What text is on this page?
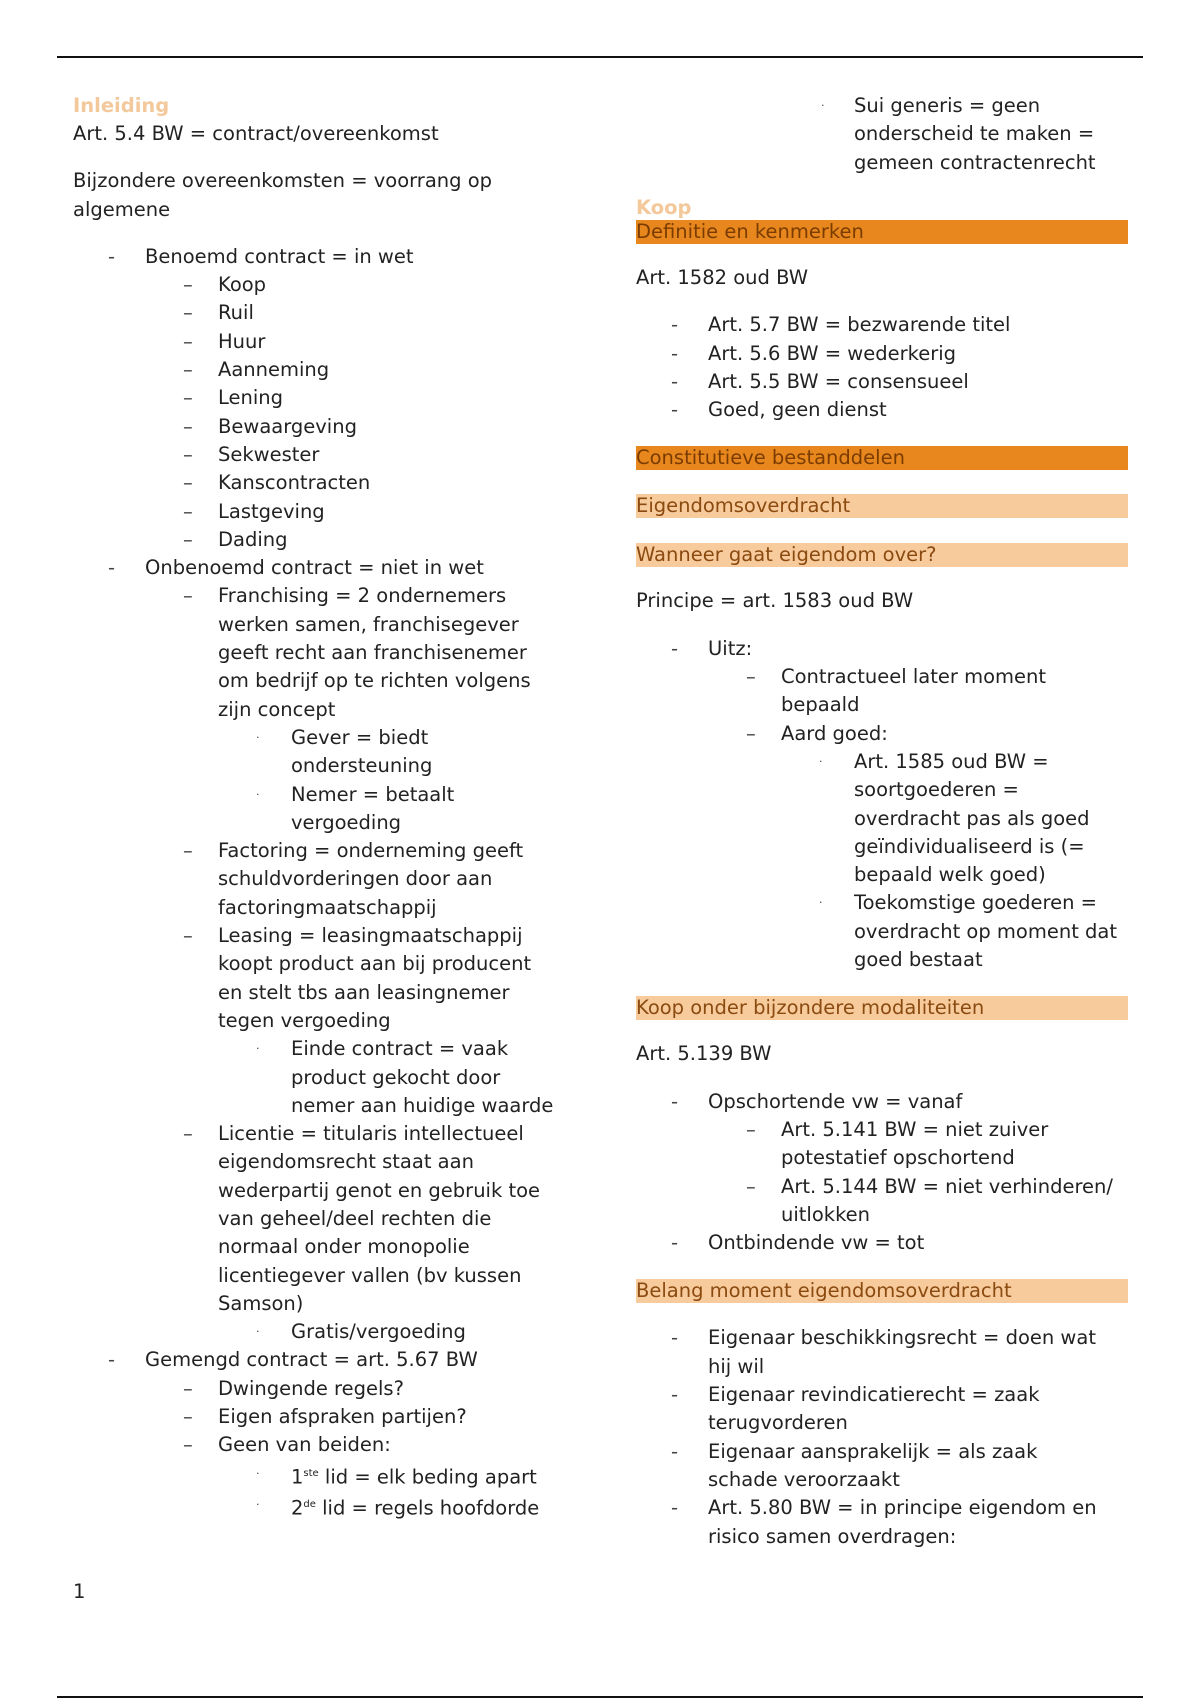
Inleiding

Art. 5.4 BW = contract/overeenkomst

Bijzondere overeenkomsten = voorrang op

algemene

- Benoemd contract = in wet
– Koop
– Ruil
– Huur
– Aanneming
– Lening
– Bewaargeving
– Sekwester
– Kanscontracten
– Lastgeving
– Dading
- Onbenoemd contract = niet in wet
– Franchising = 2 ondernemers
werken samen, franchisegever
geeft recht aan franchisenemer
om bedrijf op te richten volgens
zijn concept
· Gever = biedt
ondersteuning
· Nemer = betaalt
vergoeding
– Factoring = onderneming geeft
schuldvorderingen door aan
factoringmaatschappij
– Leasing = leasingmaatschappij
koopt product aan bij producent
en stelt tbs aan leasingnemer
tegen vergoeding
· Einde contract = vaak
product gekocht door
nemer aan huidige waarde
– Licentie = titularis intellectueel
eigendomsrecht staat aan
wederpartij genot en gebruik toe
van geheel/deel rechten die
normaal onder monopolie
licentiegever vallen (bv kussen
Samson)
· Gratis/vergoeding
- Gemengd contract = art. 5.67 BW
– Dwingende regels?
– Eigen afspraken partijen?
– Geen van beiden:
· 1ste lid = elk beding apart
· 2de lid = regels hoofdorde
· Sui generis = geen
onderscheid te maken =
gemeen contractenrecht

Koop

Definitie en kenmerken

Art. 1582 oud BW

- Art. 5.7 BW = bezwarende titel
- Art. 5.6 BW = wederkerig
- Art. 5.5 BW = consensueel
- Goed, geen dienst
Constitutieve bestanddelen
Eigendomsoverdracht
Wanneer gaat eigendom over?

Principe = art. 1583 oud BW

- Uitz:
– Contractueel later moment
bepaald
– Aard goed:
· Art. 1585 oud BW =
soortgoederen =
overdracht pas als goed
geïndividualiseerd is (=
bepaald welk goed)
· Toekomstige goederen =
overdracht op moment dat
goed bestaat
Koop onder bijzondere modaliteiten

Art. 5.139 BW

- Opschortende vw = vanaf
– Art. 5.141 BW = niet zuiver
potestatief opschortend
– Art. 5.144 BW = niet verhinderen/
uitlokken
- Ontbindende vw = tot
Belang moment eigendomsoverdracht
- Eigenaar beschikkingsrecht = doen wat
hij wil
- Eigenaar revindicatierecht = zaak
terugvorderen
- Eigenaar aansprakelijk = als zaak
schade veroorzaakt
- Art. 5.80 BW = in principe eigendom en
risico samen overdragen:
1
